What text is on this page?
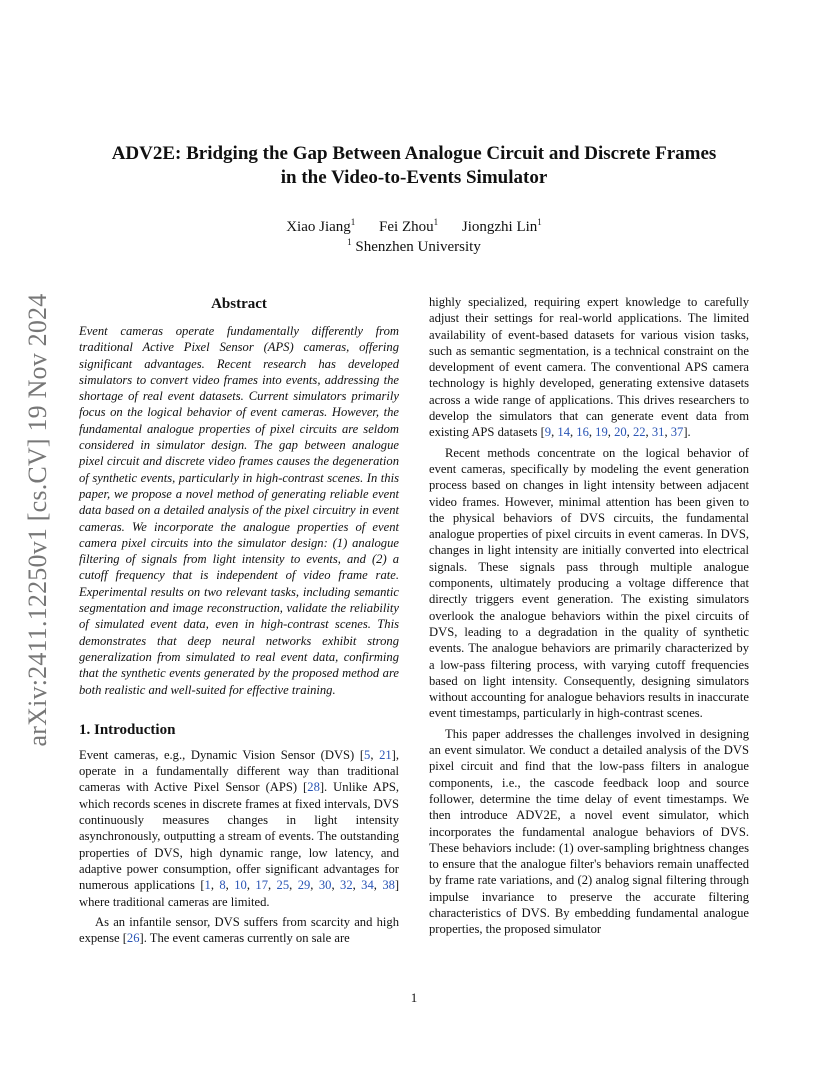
ADV2E: Bridging the Gap Between Analogue Circuit and Discrete Frames
in the Video-to-Events Simulator
Xiao Jiang$^1$ Fei Zhou$^1$ Jiongzhi Lin$^1$
$^1$ Shenzhen University
arXiv:2411.12250v1 [cs.CV] 19 Nov 2024	Abstract

Event cameras operate fundamentally differently from traditional Active Pixel Sensor (APS) cameras, offering significant advantages. Recent research has developed simulators to convert video frames into events, addressing the shortage of real event datasets. Current simulators primarily focus on the logical behavior of event cameras. However, the fundamental analogue properties of pixel circuits are seldom considered in simulator design. The gap between analogue pixel circuit and discrete video frames causes the degeneration of synthetic events, particularly in high-contrast scenes. In this paper, we propose a novel method of generating reliable event data based on a detailed analysis of the pixel circuitry in event cameras. We incorporate the analogue properties of event camera pixel circuits into the simulator design: (1) analogue filtering of signals from light intensity to events, and (2) a cutoff frequency that is independent of video frame rate. Experimental results on two relevant tasks, including semantic segmentation and image reconstruction, validate the reliability of simulated event data, even in high-contrast scenes. This demonstrates that deep neural networks exhibit strong generalization from simulated to real event data, confirming that the synthetic events generated by the proposed method are both realistic and well-suited for effective training.

1. Introduction

Event cameras, e.g., Dynamic Vision Sensor (DVS) [5, 21], operate in a fundamentally different way than traditional cameras with Active Pixel Sensor (APS) [28]. Unlike APS, which records scenes in discrete frames at fixed intervals, DVS continuously measures changes in light intensity asynchronously, outputting a stream of events. The outstanding properties of DVS, high dynamic range, low latency, and adaptive power consumption, offer significant advantages for numerous applications [1, 8, 10, 17, 25, 29, 30, 32, 34, 38] where traditional cameras are limited.

As an infantile sensor, DVS suffers from scarcity and high expense [26]. The event cameras currently on sale are

highly specialized, requiring expert knowledge to carefully adjust their settings for real-world applications. The limited availability of event-based datasets for various vision tasks, such as semantic segmentation, is a technical constraint on the development of event camera. The conventional APS camera technology is highly developed, generating extensive datasets across a wide range of applications. This drives researchers to develop the simulators that can generate event data from existing APS datasets [9, 14, 16, 19, 20, 22, 31, 37].

Recent methods concentrate on the logical behavior of event cameras, specifically by modeling the event generation process based on changes in light intensity between adjacent video frames. However, minimal attention has been given to the physical behaviors of DVS circuits, the fundamental analogue properties of pixel circuits in event cameras. In DVS, changes in light intensity are initially converted into electrical signals. These signals pass through multiple analogue components, ultimately producing a voltage difference that directly triggers event generation. The existing simulators overlook the analogue behaviors within the pixel circuits of DVS, leading to a degradation in the quality of synthetic events. The analogue behaviors are primarily characterized by a low-pass filtering process, with varying cutoff frequencies based on light intensity. Consequently, designing simulators without accounting for analogue behaviors results in inaccurate event timestamps, particularly in high-contrast scenes.

This paper addresses the challenges involved in designing an event simulator. We conduct a detailed analysis of the DVS pixel circuit and find that the low-pass filters in analogue components, i.e., the cascode feedback loop and source follower, determine the time delay of event timestamps. We then introduce ADV2E, a novel event simulator, which incorporates the fundamental analogue behaviors of DVS. These behaviors include: (1) over-sampling brightness changes to ensure that the analogue filter's behaviors remain unaffected by frame rate variations, and (2) analog signal filtering through impulse invariance to preserve the accurate filtering characteristics of DVS. By embedding fundamental analogue properties, the proposed simulator

1
